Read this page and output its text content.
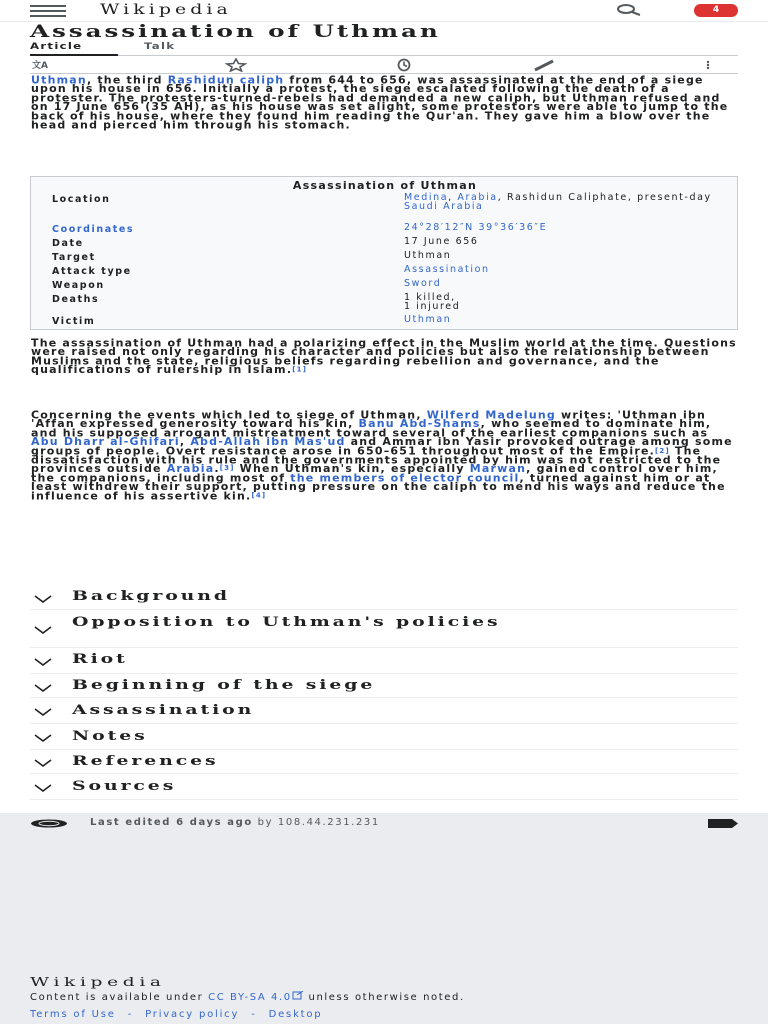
Wikipedia	4
Assassination of Uthman
Article	Talk
文A

Uthman, the third Rashidun caliph from 644 to 656, was assassinated at the end of a siege upon his house in 656. Initially a protest, the siege escalated following the death of a protester. The protesters-turned-rebels had demanded a new caliph, but Uthman refused and on 17 June 656 (35 AH), as his house was set alight, some protestors were able to jump to the back of his house, where they found him reading the Qur'an. They gave him a blow over the head and pierced him through his stomach.

Assassination of Uthman
Location	Medina, Arabia, Rashidun Caliphate, present-day Saudi Arabia
Coordinates	24°28′12″N 39°36′36″E
Date	17 June 656
Target	Uthman
Attack type	Assassination
Weapon	Sword
Deaths	1 killed,
1 injured
Victim	Uthman

The assassination of Uthman had a polarizing effect in the Muslim world at the time. Questions were raised not only regarding his character and policies but also the relationship between Muslims and the state, religious beliefs regarding rebellion and governance, and the qualifications of rulership in Islam.[1]

Concerning the events which led to siege of Uthman, Wilferd Madelung writes: 'Uthman ibn 'Affan expressed generosity toward his kin, Banu Abd-Shams, who seemed to dominate him, and his supposed arrogant mistreatment toward several of the earliest companions such as Abu Dharr al-Ghifari, Abd-Allah ibn Mas'ud and Ammar ibn Yasir provoked outrage among some groups of people. Overt resistance arose in 650–651 throughout most of the Empire.[2] The dissatisfaction with his rule and the governments appointed by him was not restricted to the provinces outside Arabia.[3] When Uthman's kin, especially Marwan, gained control over him, the companions, including most of the members of elector council, turned against him or at least withdrew their support, putting pressure on the caliph to mend his ways and reduce the influence of his assertive kin.[4]

Background
Opposition to Uthman's policies
Riot
Beginning of the siege
Assassination
Notes
References
Sources
Last edited 6 days ago by 108.44.231.231
Wikipedia
Content is available under CC BY-SA 4.0 unless otherwise noted.
Terms of Use - Privacy policy - Desktop
